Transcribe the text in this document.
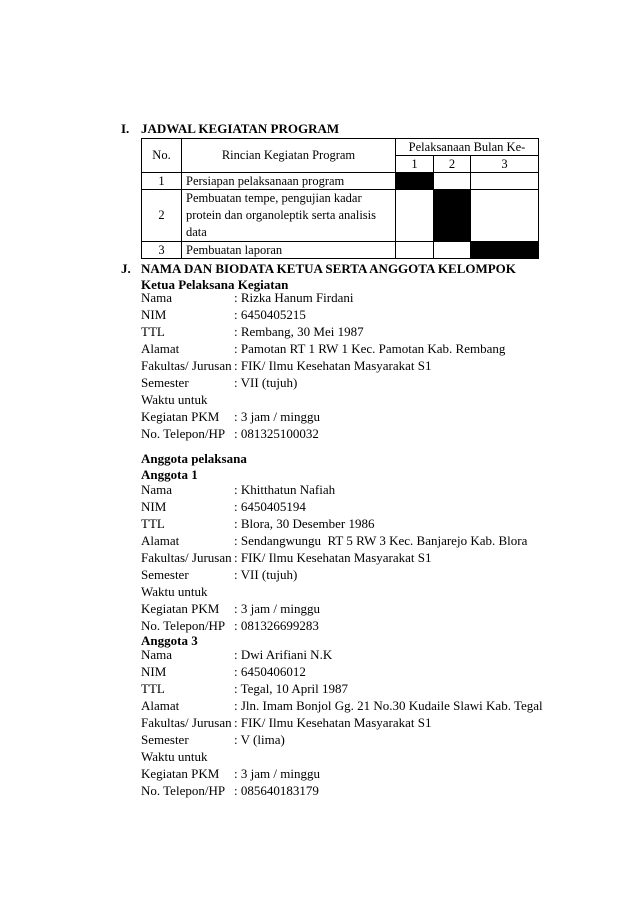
I. JADWAL KEGIATAN PROGRAM
No.	Rincian Kegiatan Program	Pelaksanaan Bulan Ke-		
		1	2	3
1	Persiapan pelaksanaan program			
2	Pembuatan tempe, pengujian kadar
protein dan organoleptik serta analisis
data			

3	Pembuatan laporan			
J. NAMA DAN BIODATA KETUA SERTA ANGGOTA KELOMPOK
Ketua Pelaksana Kegiatan
Nama	: Rizka Hanum Firdani
NIM	: 6450405215
TTL	: Rembang, 30 Mei 1987
Alamat	: Pamotan RT 1 RW 1 Kec. Pamotan Kab. Rembang
Fakultas/ Jurusan : FIK/ Ilmu Kesehatan Masyarakat S1
Semester	: VII (tujuh)
Waktu untuk
Kegiatan PKM : 3 jam / minggu
No. Telepon/HP : 081325100032
Anggota pelaksana
Anggota 1
Nama	: Khitthatun Nafiah
NIM	: 6450405194
TTL	: Blora, 30 Desember 1986
Alamat	: Sendangwungu  RT 5 RW 3 Kec. Banjarejo Kab. Blora
Fakultas/ Jurusan : FIK/ Ilmu Kesehatan Masyarakat S1
Semester	: VII (tujuh)
Waktu untuk
Kegiatan PKM : 3 jam / minggu
No. Telepon/HP : 081326699283
Anggota 3
Nama	: Dwi Arifiani N.K
NIM	: 6450406012
TTL	: Tegal, 10 April 1987
Alamat	: Jln. Imam Bonjol Gg. 21 No.30 Kudaile Slawi Kab. Tegal
Fakultas/ Jurusan : FIK/ Ilmu Kesehatan Masyarakat S1
Semester	: V (lima)
Waktu untuk
Kegiatan PKM : 3 jam / minggu
No. Telepon/HP : 085640183179
